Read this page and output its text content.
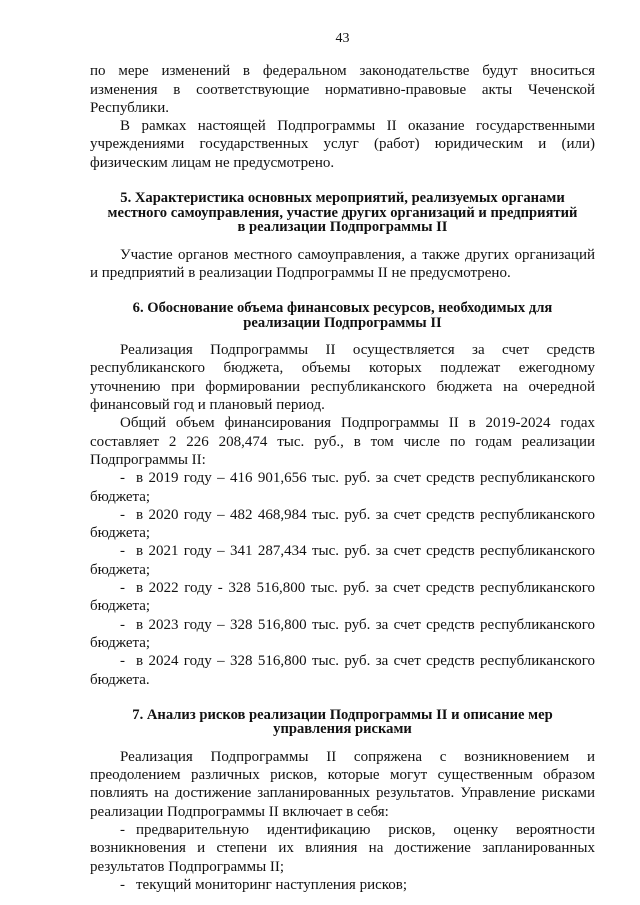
43

по мере изменений в федеральном законодательстве будут вноситься изменения в соответствующие нормативно-правовые акты Чеченской Республики.

В рамках настоящей Подпрограммы II оказание государственными учреждениями государственных услуг (работ) юридическим и (или) физическим лицам не предусмотрено.

5. Характеристика основных мероприятий, реализуемых органами
местного самоуправления, участие других организаций и предприятий
в реализации Подпрограммы II

Участие органов местного самоуправления, а также других организаций и предприятий в реализации Подпрограммы II не предусмотрено.

6. Обоснование объема финансовых ресурсов, необходимых для
реализации Подпрограммы II

Реализация Подпрограммы II осуществляется за счет средств республиканского бюджета, объемы которых подлежат ежегодному уточнению при формировании республиканского бюджета на очередной финансовый год и плановый период.

Общий объем финансирования Подпрограммы II в 2019-2024 годах составляет 2 226 208,474 тыс. руб., в том числе по годам реализации Подпрограммы II:

- в 2019 году – 416 901,656 тыс. руб. за счет средств республиканского бюджета;
- в 2020 году – 482 468,984 тыс. руб. за счет средств республиканского бюджета;
- в 2021 году – 341 287,434 тыс. руб. за счет средств республиканского бюджета;
- в 2022 году - 328 516,800 тыс. руб. за счет средств республиканского бюджета;
- в 2023 году – 328 516,800 тыс. руб. за счет средств республиканского бюджета;
- в 2024 году – 328 516,800 тыс. руб. за счет средств республиканского бюджета.
7. Анализ рисков реализации Подпрограммы II и описание мер
управления рисками

Реализация Подпрограммы II сопряжена с возникновением и преодолением различных рисков, которые могут существенным образом повлиять на достижение запланированных результатов. Управление рисками реализации Подпрограммы II включает в себя:

- предварительную идентификацию рисков, оценку вероятности возникновения и степени их влияния на достижение запланированных результатов Подпрограммы II;
- текущий мониторинг наступления рисков;
